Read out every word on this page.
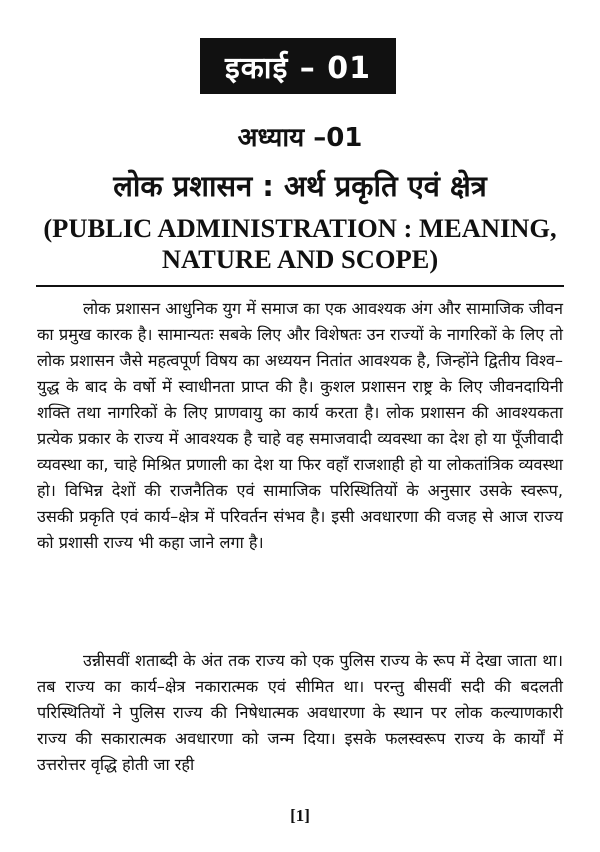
इकाई – 01
अध्याय –01
लोक प्रशासन : अर्थ प्रकृति एवं क्षेत्र
(PUBLIC ADMINISTRATION : MEANING, NATURE AND SCOPE)

लोक प्रशासन आधुनिक युग में समाज का एक आवश्यक अंग और सामाजिक जीवन का प्रमुख कारक है। सामान्यतः सबके लिए और विशेषतः उन राज्यों के नागरिकों के लिए तो लोक प्रशासन जैसे महत्वपूर्ण विषय का अध्ययन नितांत आवश्यक है, जिन्होंने द्वितीय विश्व–युद्ध के बाद के वर्षो में स्वाधीनता प्राप्त की है। कुशल प्रशासन राष्ट्र के लिए जीवनदायिनी शक्ति तथा नागरिकों के लिए प्राणवायु का कार्य करता है। लोक प्रशासन की आवश्यकता प्रत्येक प्रकार के राज्य में आवश्यक है चाहे वह समाजवादी व्यवस्था का देश हो या पूँजीवादी व्यवस्था का, चाहे मिश्रित प्रणाली का देश या फिर वहाँ राजशाही हो या लोकतांत्रिक व्यवस्था हो। विभिन्न देशों की राजनैतिक एवं सामाजिक परिस्थितियों के अनुसार उसके स्वरूप, उसकी प्रकृति एवं कार्य–क्षेत्र में परिवर्तन संभव है। इसी अवधारणा की वजह से आज राज्य को प्रशासी राज्य भी कहा जाने लगा है।

उन्नीसवीं शताब्दी के अंत तक राज्य को एक पुलिस राज्य के रूप में देखा जाता था। तब राज्य का कार्य–क्षेत्र नकारात्मक एवं सीमित था। परन्तु बीसवीं सदी की बदलती परिस्थितियों ने पुलिस राज्य की निषेधात्मक अवधारणा के स्थान पर लोक कल्याणकारी राज्य की सकारात्मक अवधारणा को जन्म दिया। इसके फलस्वरूप राज्य के कार्यों में उत्तरोत्तर वृद्धि होती जा रही

[1]
